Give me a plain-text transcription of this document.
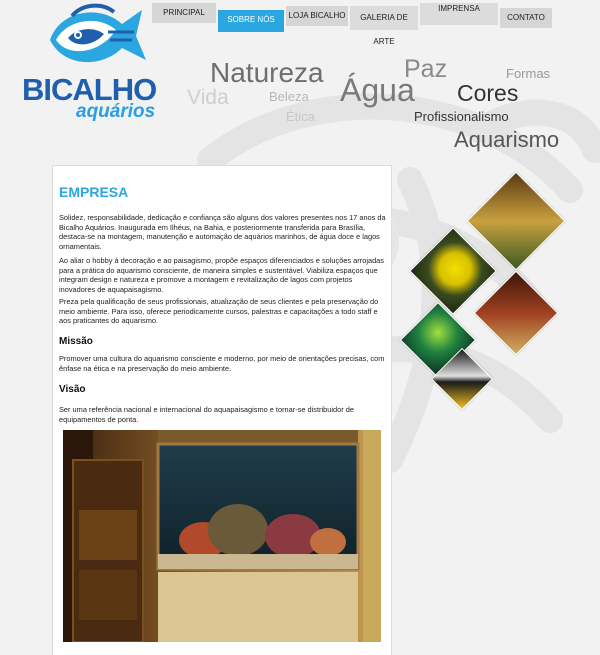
BICALHO
aquários
PRINCIPAL
SOBRE NÓS	LOJA BICALHO	GALERIA DE ARTE
IMPRENSA
CONTATO
Natureza	Paz	Formas
Vida	Beleza Água Cores
Ética	Profissionalismo
Aquarismo
EMPRESA
Solidez, responsabilidade, dedicação e confiança são alguns dos valores presentes nos 17 anos da Bicalho Aquários. Inaugurada em Ilhéus, na Bahia, e posteriormente transferida para Brasília, destaca-se na montagem, manutenção e automação de aquários marinhos, de água doce e lagos ornamentais.
Ao aliar o hobby à decoração e ao paisagismo, propõe espaços diferenciados e soluções arrojadas para a prática do aquarismo consciente, de maneira simples e sustentável. Viabiliza espaços que integram design e natureza e promove a montagem e revitalização de lagos com projetos inovadores de aquapaisagismo.
Preza pela qualificação de seus profissionais, atualização de seus clientes e pela preservação do meio ambiente. Para isso, oferece periodicamente cursos, palestras e capacitações a todo staff e aos praticantes do aquarismo.
Missão
Promover uma cultura do aquarismo consciente e moderno, por meio de orientações precisas, com ênfase na ética e na preservação do meio ambiente.
Visão
Ser uma referência nacional e internacional do aquapaisagismo e tornar-se distribuidor de equipamentos de ponta.
